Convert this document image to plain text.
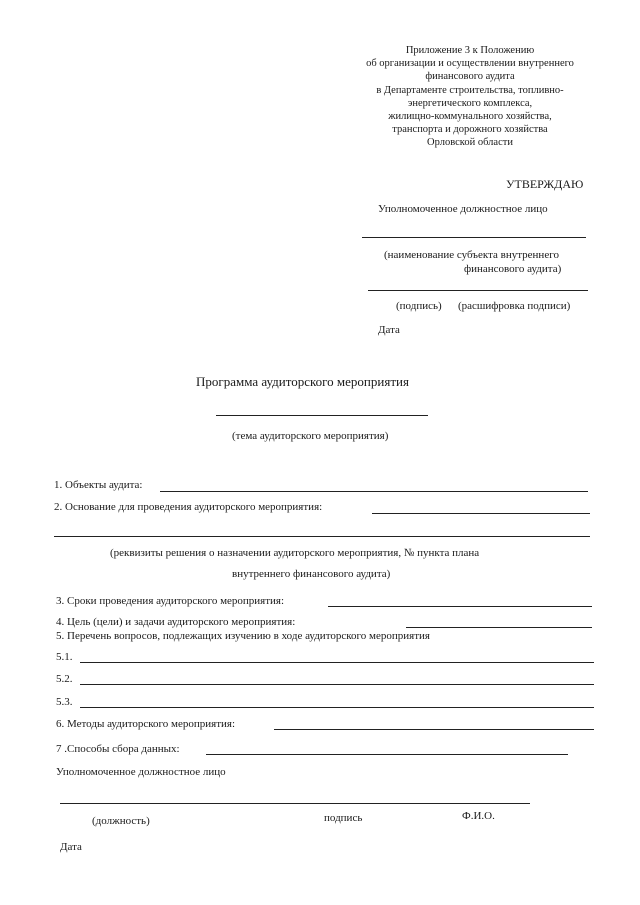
Приложение 3 к Положению
об организации и осуществлении внутреннего
финансового аудита
в Департаменте строительства, топливно-
энергетического комплекса,
жилищно-коммунального хозяйства,
транспорта и дорожного хозяйства
Орловской области
УТВЕРЖДАЮ
Уполномоченное должностное лицо
(наименование субъекта внутреннего
финансового аудита)
(подпись) (расшифровка подписи)
Дата
Программа аудиторского мероприятия
(тема аудиторского мероприятия)
1. Объекты аудита:
2. Основание для проведения аудиторского мероприятия:
(реквизиты решения о назначении аудиторского мероприятия, № пункта плана
внутреннего финансового аудита)
3. Сроки проведения аудиторского мероприятия:
4. Цель (цели) и задачи аудиторского мероприятия:
5. Перечень вопросов, подлежащих изучению в ходе аудиторского мероприятия
5.1.
5.2.
5.3.
6. Методы аудиторского мероприятия:
7 .Способы сбора данных:
Уполномоченное должностное лицо
(должность)	подпись	Ф.И.О.
Дата
